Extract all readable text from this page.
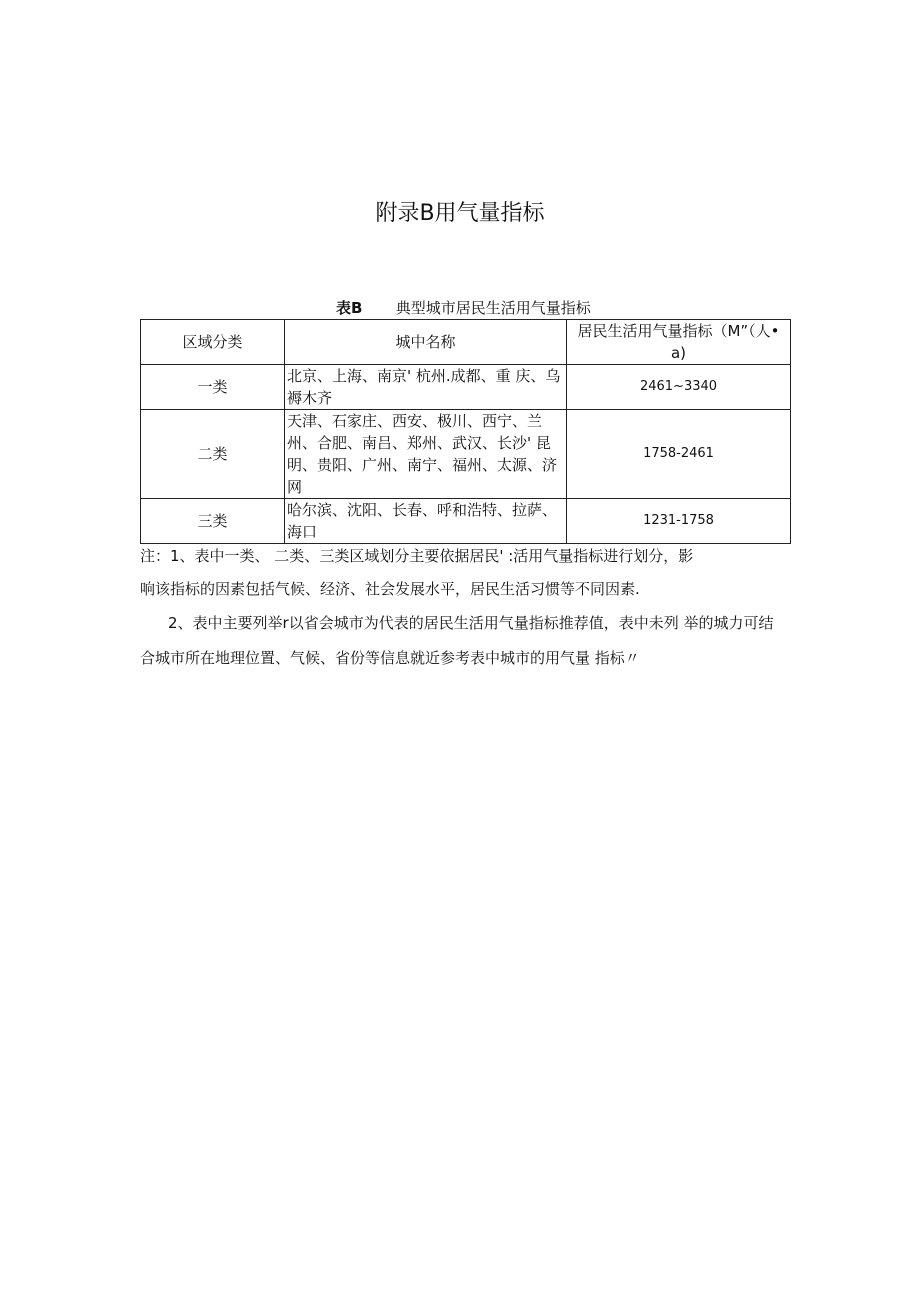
附录B用气量指标
表B 典型城市居民生活用气量指标
区域分类	城中名称	居民生活用气量指标（M”（人• a)
一类	北京、上海、南京' 杭州.成都、重 庆、乌褥木齐	2461~3340
二类	天津、石家庄、西安、极川、西宁、兰州、合肥、南吕、郑州、武汉、长沙' 昆明、贵阳、广州、南宁、福州、太源、济网	1758-2461
三类	哈尔滨、沈阳、长春、呼和浩特、拉萨、海口	1231-1758
注：1、表中一类、 二类、三类区域划分主要依据居民' :活用气量指标进行划分，影
响该指标的因素包括气候、经济、社会发展水平，居民生活习惯等不同因素.
2、表中主要列举r以省会城市为代表的居民生活用气量指标推荐值，表中未列 举的城力可结
合城市所在地理位置、气候、省份等信息就近参考表中城市的用气量 指标〃
